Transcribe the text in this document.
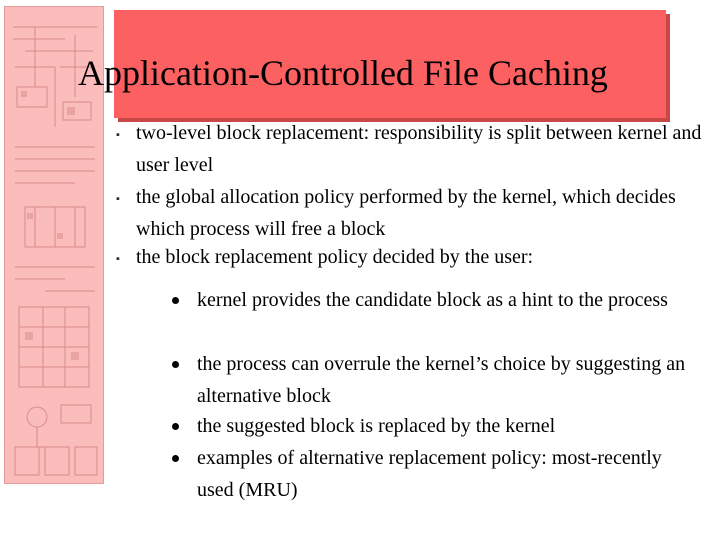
Application-Controlled File Caching
▪ two-level block replacement: responsibility is split between kernel and user level
▪ the global allocation policy performed by the kernel, which decides which process will free a block
▪ the block replacement policy decided by the user:
kernel provides the candidate block as a hint to the process
the process can overrule the kernel’s choice by suggesting an alternative block
the suggested block is replaced by the kernel
examples of alternative replacement policy: most-recently used (MRU)
